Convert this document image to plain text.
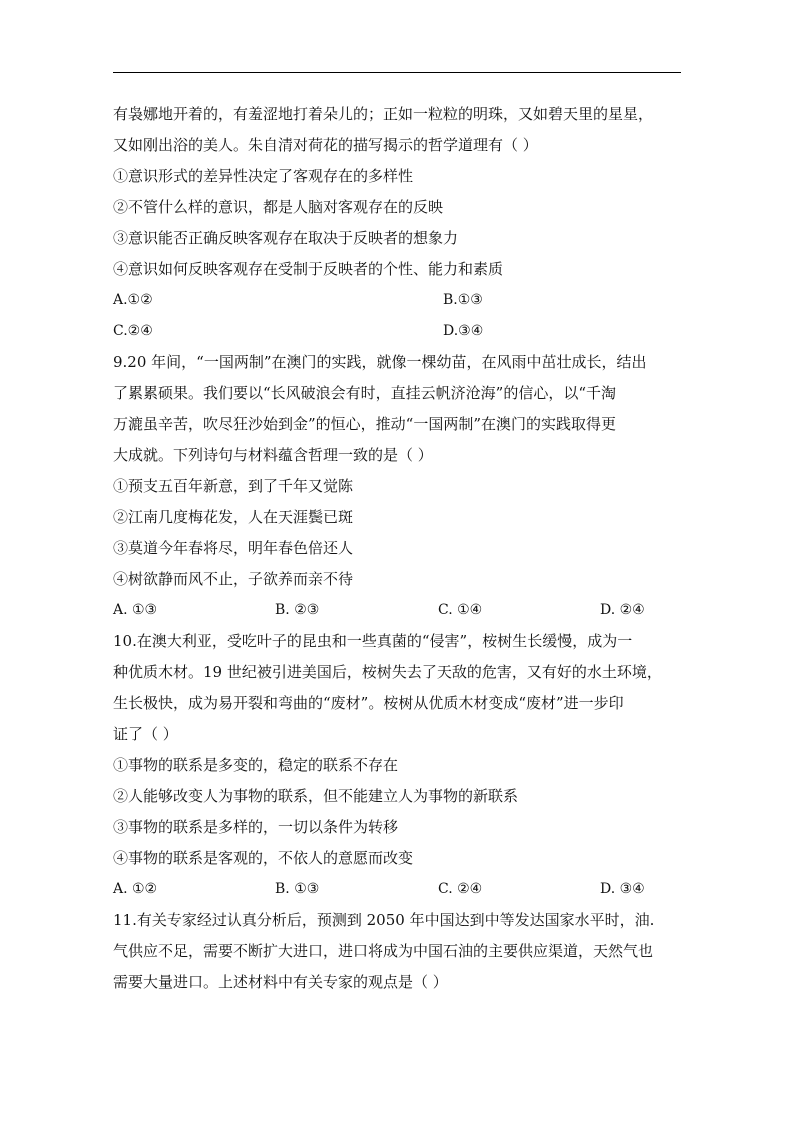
有袅娜地开着的，有羞涩地打着朵儿的；正如一粒粒的明珠，又如碧天里的星星，
又如刚出浴的美人。朱自清对荷花的描写揭示的哲学道理有（ ）
①意识形式的差异性决定了客观存在的多样性
②不管什么样的意识，都是人脑对客观存在的反映
③意识能否正确反映客观存在取决于反映者的想象力
④意识如何反映客观存在受制于反映者的个性、能力和素质
A.①②	B.①③
C.②④	D.③④
9.20 年间，“一国两制”在澳门的实践，就像一棵幼苗，在风雨中茁壮成长，结出
了累累硕果。我们要以“长风破浪会有时，直挂云帆济沧海”的信心，以“千淘
万漉虽辛苦，吹尽狂沙始到金”的恒心，推动“一国两制”在澳门的实践取得更
大成就。下列诗句与材料蕴含哲理一致的是（ ）
①预支五百年新意，到了千年又觉陈
②江南几度梅花发，人在天涯鬓已斑
③莫道今年春将尽，明年春色倍还人
④树欲静而风不止，子欲养而亲不待
A. ①③	B. ②③	C. ①④	D. ②④
10.在澳大利亚，受吃叶子的昆虫和一些真菌的“侵害”，桉树生长缓慢，成为一
种优质木材。19 世纪被引进美国后，桉树失去了天敌的危害，又有好的水土环境，
生长极快，成为易开裂和弯曲的“废材”。桉树从优质木材变成“废材”进一步印
证了（ ）
①事物的联系是多变的，稳定的联系不存在
②人能够改变人为事物的联系，但不能建立人为事物的新联系
③事物的联系是多样的，一切以条件为转移
④事物的联系是客观的，不依人的意愿而改变
A. ①②	B. ①③	C. ②④	D. ③④
11.有关专家经过认真分析后，预测到 2050 年中国达到中等发达国家水平时，油.
气供应不足，需要不断扩大进口，进口将成为中国石油的主要供应渠道，天然气也
需要大量进口。上述材料中有关专家的观点是（ ）
